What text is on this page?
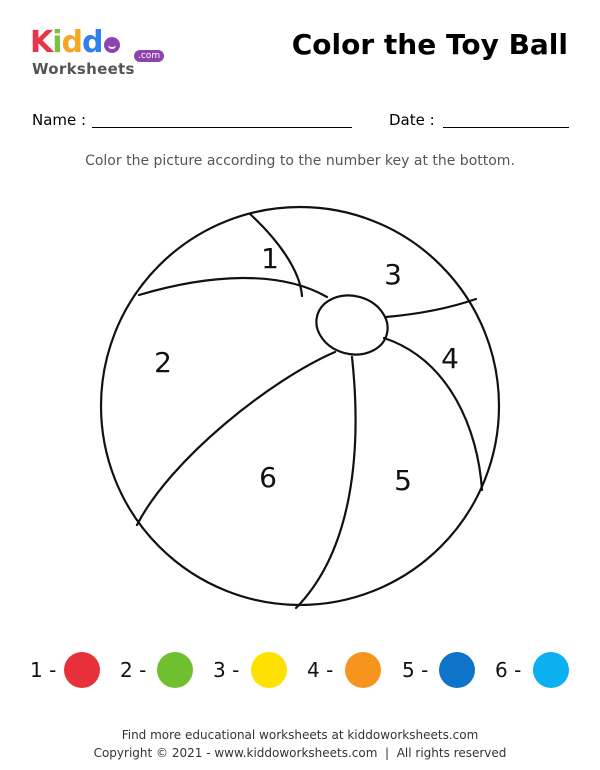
Kidd	.com
Worksheets
Color the Toy Ball
Name :	Date :
Color the picture according to the number key at the bottom.
1	3
2	4
6	5
1 -	2 -	3 -	4 -	5 -	6 -
Find more educational worksheets at kiddoworksheets.com
Copyright © 2021 - www.kiddoworksheets.com  |  All rights reserved
